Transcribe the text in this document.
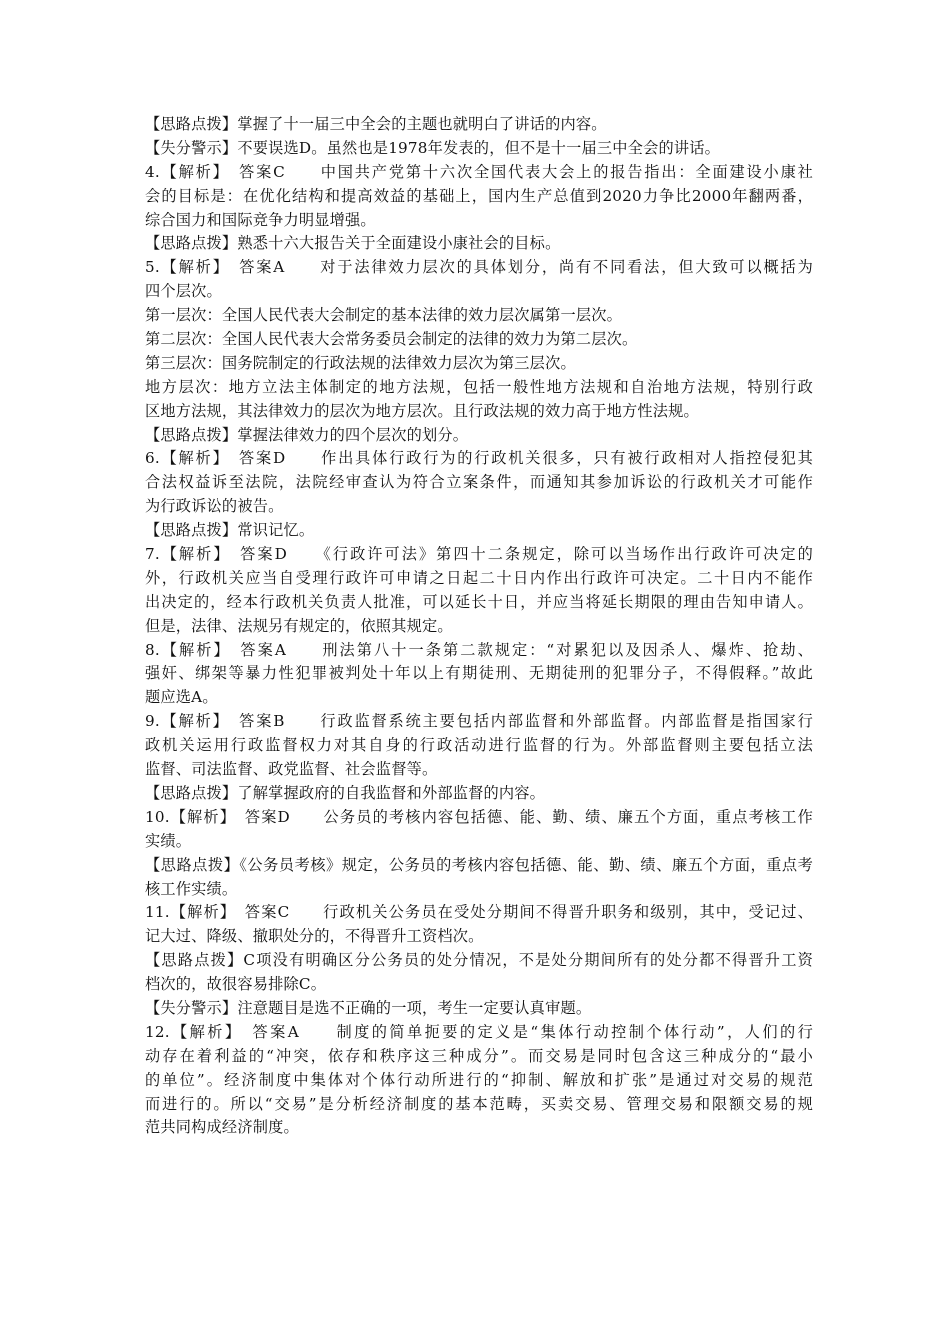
【思路点拨】掌握了十一届三中全会的主题也就明白了讲话的内容。
【失分警示】不要误选D。虽然也是1978年发表的，但不是十一届三中全会的讲话。
4.【解析】　答案C　　中国共产党第十六次全国代表大会上的报告指出：全面建设小康社
会的目标是：在优化结构和提高效益的基础上，国内生产总值到2020力争比2000年翻两番，
综合国力和国际竞争力明显增强。
【思路点拨】熟悉十六大报告关于全面建设小康社会的目标。
5.【解析】　答案A　　对于法律效力层次的具体划分，尚有不同看法，但大致可以概括为
四个层次。
第一层次：全国人民代表大会制定的基本法律的效力层次属第一层次。
第二层次：全国人民代表大会常务委员会制定的法律的效力为第二层次。
第三层次：国务院制定的行政法规的法律效力层次为第三层次。
地方层次：地方立法主体制定的地方法规，包括一般性地方法规和自治地方法规，特别行政
区地方法规，其法律效力的层次为地方层次。且行政法规的效力高于地方性法规。
【思路点拨】掌握法律效力的四个层次的划分。
6.【解析】　答案D　　作出具体行政行为的行政机关很多，只有被行政相对人指控侵犯其
合法权益诉至法院，法院经审查认为符合立案条件，而通知其参加诉讼的行政机关才可能作
为行政诉讼的被告。
【思路点拨】常识记忆。
7.【解析】　答案D　　《行政许可法》第四十二条规定，除可以当场作出行政许可决定的
外，行政机关应当自受理行政许可申请之日起二十日内作出行政许可决定。二十日内不能作
出决定的，经本行政机关负责人批准，可以延长十日，并应当将延长期限的理由告知申请人。
但是，法律、法规另有规定的，依照其规定。
8.【解析】　答案A　　刑法第八十一条第二款规定：“对累犯以及因杀人、爆炸、抢劫、
强奸、绑架等暴力性犯罪被判处十年以上有期徒刑、无期徒刑的犯罪分子，不得假释。”故此
题应选A。
9.【解析】　答案B　　行政监督系统主要包括内部监督和外部监督。内部监督是指国家行
政机关运用行政监督权力对其自身的行政活动进行监督的行为。外部监督则主要包括立法
监督、司法监督、政党监督、社会监督等。
【思路点拨】了解掌握政府的自我监督和外部监督的内容。
10.【解析】　答案D　　公务员的考核内容包括德、能、勤、绩、廉五个方面，重点考核工作
实绩。
【思路点拨】《公务员考核》规定，公务员的考核内容包括德、能、勤、绩、廉五个方面，重点考
核工作实绩。
11.【解析】　答案C　　行政机关公务员在受处分期间不得晋升职务和级别，其中，受记过、
记大过、降级、撤职处分的，不得晋升工资档次。
【思路点拨】C项没有明确区分公务员的处分情况，不是处分期间所有的处分都不得晋升工资
档次的，故很容易排除C。
【失分警示】注意题目是选不正确的一项，考生一定要认真审题。
12.【解析】　答案A　　制度的简单扼要的定义是“集体行动控制个体行动”，人们的行
动存在着利益的“冲突，依存和秩序这三种成分”。而交易是同时包含这三种成分的“最小
的单位”。经济制度中集体对个体行动所进行的“抑制、解放和扩张”是通过对交易的规范
而进行的。所以“交易”是分析经济制度的基本范畴，买卖交易、管理交易和限额交易的规
范共同构成经济制度。
